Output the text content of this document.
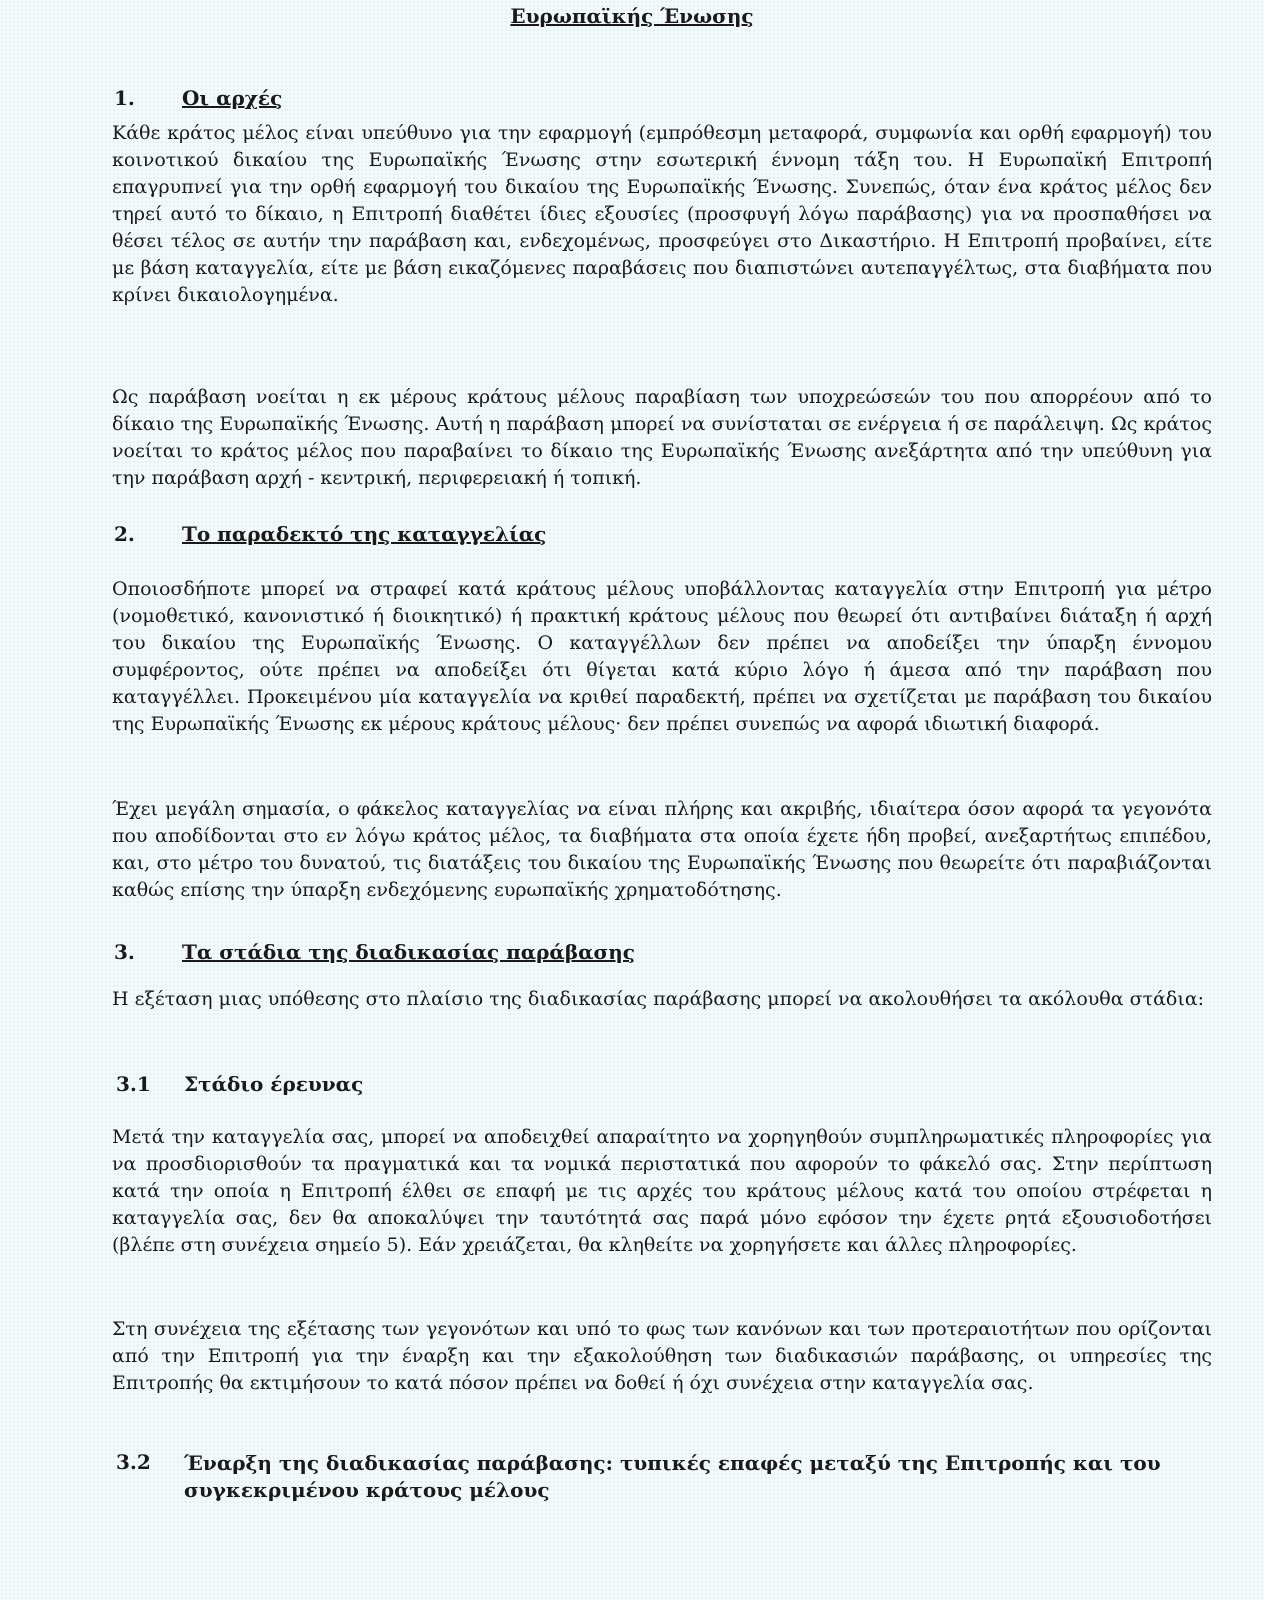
Ευρωπαϊκής Ένωσης
1. Οι αρχές

Κάθε κράτος μέλος είναι υπεύθυνο για την εφαρμογή (εμπρόθεσμη μεταφορά, συμφωνία και ορθή εφαρμογή) του κοινοτικού δικαίου της Ευρωπαϊκής Ένωσης στην εσωτερική έννομη τάξη του. Η Ευρωπαϊκή Επιτροπή επαγρυπνεί για την ορθή εφαρμογή του δικαίου της Ευρωπαϊκής Ένωσης. Συνεπώς, όταν ένα κράτος μέλος δεν τηρεί αυτό το δίκαιο, η Επιτροπή διαθέτει ίδιες εξουσίες (προσφυγή λόγω παράβασης) για να προσπαθήσει να θέσει τέλος σε αυτήν την παράβαση και, ενδεχομένως, προσφεύγει στο Δικαστήριο. Η Επιτροπή προβαίνει, είτε με βάση καταγγελία, είτε με βάση εικαζόμενες παραβάσεις που διαπιστώνει αυτεπαγγέλτως, στα διαβήματα που κρίνει δικαιολογημένα.

Ως παράβαση νοείται η εκ μέρους κράτους μέλους παραβίαση των υποχρεώσεών του που απορρέουν από το δίκαιο της Ευρωπαϊκής Ένωσης. Αυτή η παράβαση μπορεί να συνίσταται σε ενέργεια ή σε παράλειψη. Ως κράτος νοείται το κράτος μέλος που παραβαίνει το δίκαιο της Ευρωπαϊκής Ένωσης ανεξάρτητα από την υπεύθυνη για την παράβαση αρχή - κεντρική, περιφερειακή ή τοπική.

2. Το παραδεκτό της καταγγελίας

Οποιοσδήποτε μπορεί να στραφεί κατά κράτους μέλους υποβάλλοντας καταγγελία στην Επιτροπή για μέτρο (νομοθετικό, κανονιστικό ή διοικητικό) ή πρακτική κράτους μέλους που θεωρεί ότι αντιβαίνει διάταξη ή αρχή του δικαίου της Ευρωπαϊκής Ένωσης. Ο καταγγέλλων δεν πρέπει να αποδείξει την ύπαρξη έννομου συμφέροντος, ούτε πρέπει να αποδείξει ότι θίγεται κατά κύριο λόγο ή άμεσα από την παράβαση που καταγγέλλει. Προκειμένου μία καταγγελία να κριθεί παραδεκτή, πρέπει να σχετίζεται με παράβαση του δικαίου της Ευρωπαϊκής Ένωσης εκ μέρους κράτους μέλους· δεν πρέπει συνεπώς να αφορά ιδιωτική διαφορά.

Έχει μεγάλη σημασία, ο φάκελος καταγγελίας να είναι πλήρης και ακριβής, ιδιαίτερα όσον αφορά τα γεγονότα που αποδίδονται στο εν λόγω κράτος μέλος, τα διαβήματα στα οποία έχετε ήδη προβεί, ανεξαρτήτως επιπέδου, και, στο μέτρο του δυνατού, τις διατάξεις του δικαίου της Ευρωπαϊκής Ένωσης που θεωρείτε ότι παραβιάζονται καθώς επίσης την ύπαρξη ενδεχόμενης ευρωπαϊκής χρηματοδότησης.

3. Τα στάδια της διαδικασίας παράβασης

Η εξέταση μιας υπόθεσης στο πλαίσιο της διαδικασίας παράβασης μπορεί να ακολουθήσει τα ακόλουθα στάδια:

3.1 Στάδιο έρευνας

Μετά την καταγγελία σας, μπορεί να αποδειχθεί απαραίτητο να χορηγηθούν συμπληρωματικές πληροφορίες για να προσδιορισθούν τα πραγματικά και τα νομικά περιστατικά που αφορούν το φάκελό σας. Στην περίπτωση κατά την οποία η Επιτροπή έλθει σε επαφή με τις αρχές του κράτους μέλους κατά του οποίου στρέφεται η καταγγελία σας, δεν θα αποκαλύψει την ταυτότητά σας παρά μόνο εφόσον την έχετε ρητά εξουσιοδοτήσει (βλέπε στη συνέχεια σημείο 5). Εάν χρειάζεται, θα κληθείτε να χορηγήσετε και άλλες πληροφορίες.

Στη συνέχεια της εξέτασης των γεγονότων και υπό το φως των κανόνων και των προτεραιοτήτων που ορίζονται από την Επιτροπή για την έναρξη και την εξακολούθηση των διαδικασιών παράβασης, οι υπηρεσίες της Επιτροπής θα εκτιμήσουν το κατά πόσον πρέπει να δοθεί ή όχι συνέχεια στην καταγγελία σας.

3.2 Έναρξη της διαδικασίας παράβασης: τυπικές επαφές μεταξύ της Επιτροπής και του συγκεκριμένου κράτους μέλους
